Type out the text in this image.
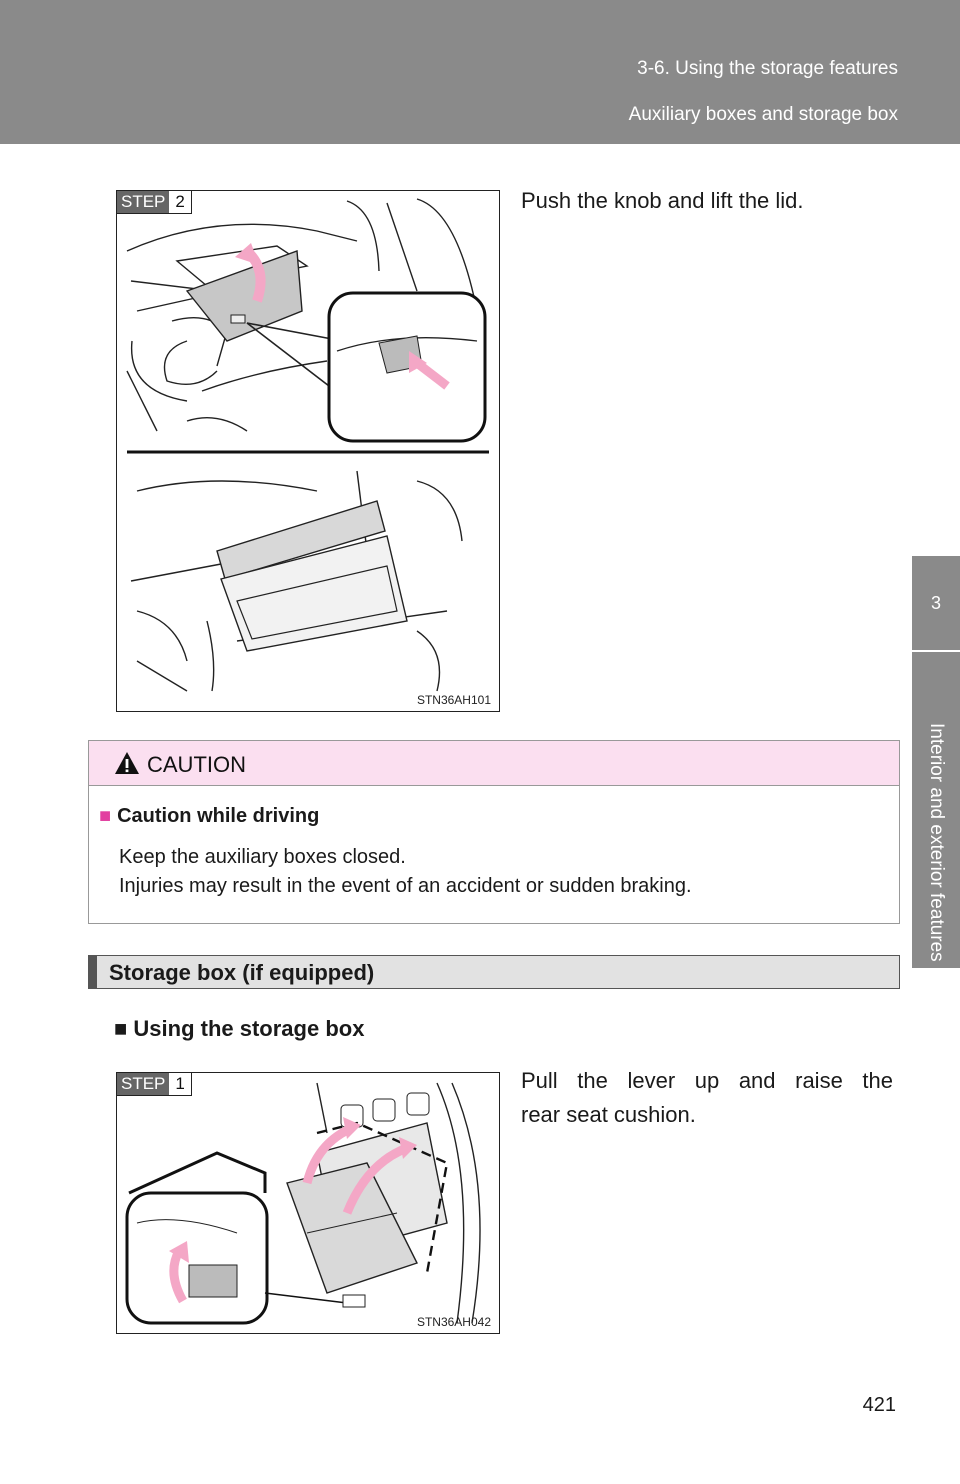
3-6. Using the storage features
Auxiliary boxes and storage box
3
Interior and exterior features
STEP 2
STN36AH101
Push the knob and lift the lid.
CAUTION
■ Caution while driving
Keep the auxiliary boxes closed.
Injuries may result in the event of an accident or sudden braking.
Storage box (if equipped)
■ Using the storage box
STEP 1
STN36AH042
Pull the lever up and raise the
rear seat cushion.
421
